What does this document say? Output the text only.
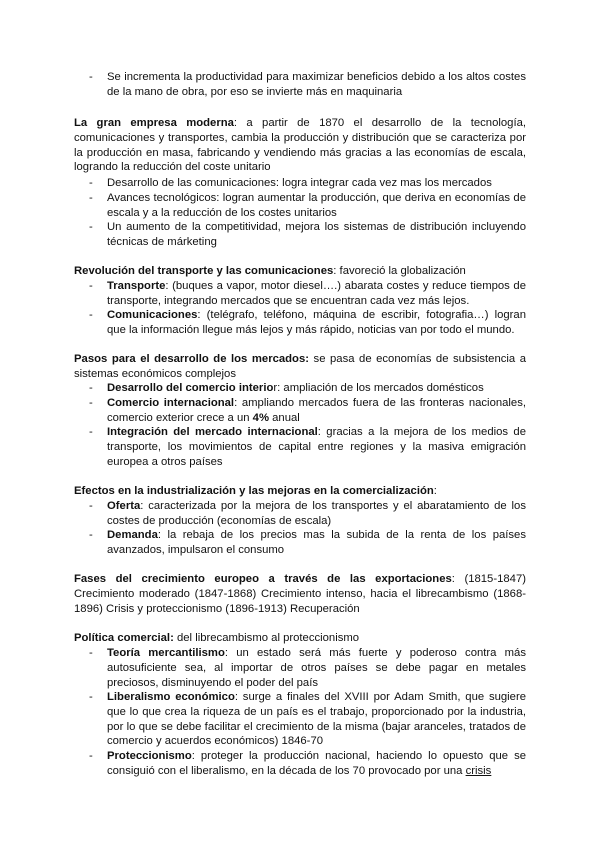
- Se incrementa la productividad para maximizar beneficios debido a los altos costes de la mano de obra, por eso se invierte más en maquinaria
La gran empresa moderna: a partir de 1870 el desarrollo de la tecnología, comunicaciones y transportes, cambia la producción y distribución que se caracteriza por la producción en masa, fabricando y vendiendo más gracias a las economías de escala, logrando la reducción del coste unitario
- Desarrollo de las comunicaciones: logra integrar cada vez mas los mercados
- Avances tecnológicos: logran aumentar la producción, que deriva en economías de escala y a la reducción de los costes unitarios
- Un aumento de la competitividad, mejora los sistemas de distribución incluyendo técnicas de márketing
Revolución del transporte y las comunicaciones: favoreció la globalización
- Transporte: (buques a vapor, motor diesel….) abarata costes y reduce tiempos de transporte, integrando mercados que se encuentran cada vez más lejos.
- Comunicaciones: (telégrafo, teléfono, máquina de escribir, fotografia…) logran que la información llegue más lejos y más rápido, noticias van por todo el mundo.
Pasos para el desarrollo de los mercados: se pasa de economías de subsistencia a sistemas económicos complejos
- Desarrollo del comercio interior: ampliación de los mercados domésticos
- Comercio internacional: ampliando mercados fuera de las fronteras nacionales, comercio exterior crece a un 4% anual
- Integración del mercado internacional: gracias a la mejora de los medios de transporte, los movimientos de capital entre regiones y la masiva emigración europea a otros países
Efectos en la industrialización y las mejoras en la comercialización:
- Oferta: caracterizada por la mejora de los transportes y el abaratamiento de los costes de producción (economías de escala)
- Demanda: la rebaja de los precios mas la subida de la renta de los países avanzados, impulsaron el consumo
Fases del crecimiento europeo a través de las exportaciones: (1815-1847) Crecimiento moderado (1847-1868) Crecimiento intenso, hacia el librecambismo (1868-1896) Crisis y proteccionismo (1896-1913) Recuperación
Política comercial: del librecambismo al proteccionismo
- Teoría mercantilismo: un estado será más fuerte y poderoso contra más autosuficiente sea, al importar de otros países se debe pagar en metales preciosos, disminuyendo el poder del país
- Liberalismo económico: surge a finales del XVIII por Adam Smith, que sugiere que lo que crea la riqueza de un país es el trabajo, proporcionado por la industria, por lo que se debe facilitar el crecimiento de la misma (bajar aranceles, tratados de comercio y acuerdos económicos) 1846-70
- Proteccionismo: proteger la producción nacional, haciendo lo opuesto que se consiguió con el liberalismo, en la década de los 70 provocado por una crisis
